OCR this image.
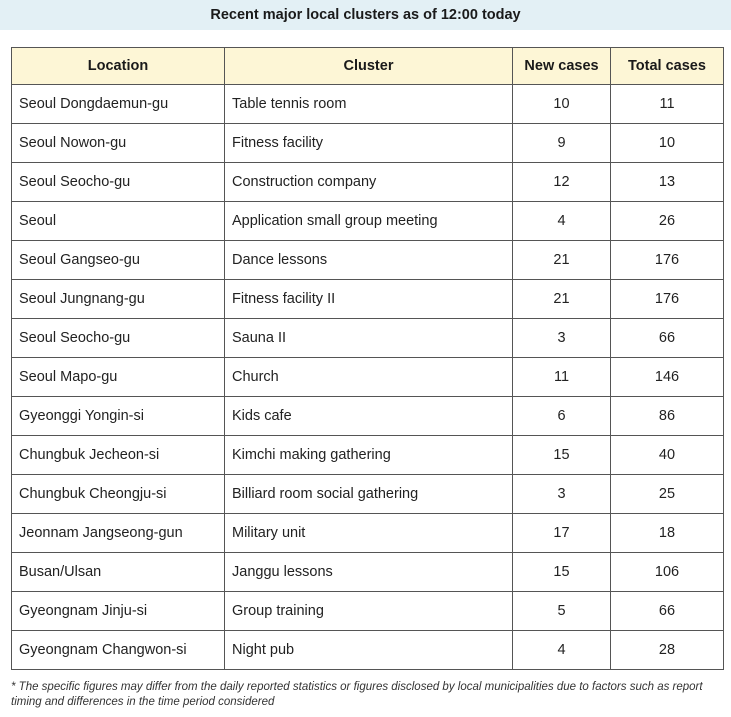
Recent major local clusters as of 12:00 today
Location	Cluster	New cases	Total cases
Seoul Dongdaemun-gu	Table tennis room	10	11
Seoul Nowon-gu	Fitness facility	9	10
Seoul Seocho-gu	Construction company	12	13
Seoul	Application small group meeting	4	26
Seoul Gangseo-gu	Dance lessons	21	176
Seoul Jungnang-gu	Fitness facility II	21	176
Seoul Seocho-gu	Sauna II	3	66
Seoul Mapo-gu	Church	11	146
Gyeonggi Yongin-si	Kids cafe	6	86
Chungbuk Jecheon-si	Kimchi making gathering	15	40
Chungbuk Cheongju-si	Billiard room social gathering	3	25
Jeonnam Jangseong-gun	Military unit	17	18
Busan/Ulsan	Janggu lessons	15	106
Gyeongnam Jinju-si	Group training	5	66
Gyeongnam Changwon-si	Night pub	4	28
* The specific figures may differ from the daily reported statistics or figures disclosed by local municipalities due to factors such as report timing and differences in the time period considered
